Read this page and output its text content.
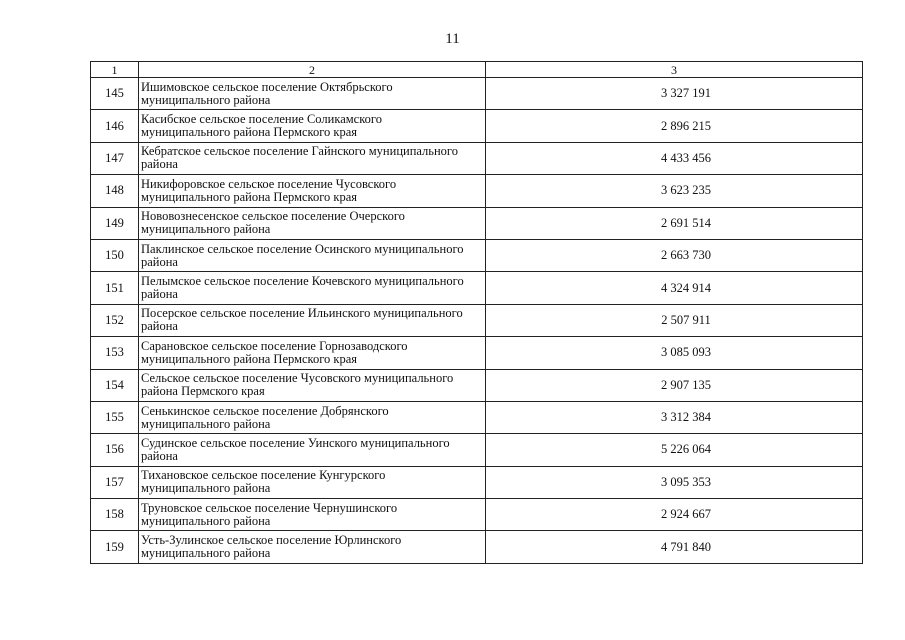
11
1	2	3
145	Ишимовское сельское поселение Октябрьского
муниципального района	3 327 191
146	Касибское сельское поселение Соликамского
муниципального района Пермского края	2 896 215
147	Кебратское сельское поселение Гайнского муниципального
района	4 433 456
148	Никифоровское сельское поселение Чусовского
муниципального района Пермского края	3 623 235
149	Нововознесенское сельское поселение Очерского
муниципального района	2 691 514
150	Паклинское сельское поселение Осинского муниципального
района	2 663 730
151	Пелымское сельское поселение Кочевского муниципального
района	4 324 914
152	Посерское сельское поселение Ильинского муниципального
района	2 507 911
153	Сарановское сельское поселение Горнозаводского
муниципального района Пермского края	3 085 093
154	Сельское сельское поселение Чусовского муниципального
района Пермского края	2 907 135
155	Сенькинское сельское поселение Добрянского
муниципального района	3 312 384
156	Судинское сельское поселение Уинского муниципального
района	5 226 064
157	Тихановское сельское поселение Кунгурского
муниципального района	3 095 353
158	Труновское сельское поселение Чернушинского
муниципального района	2 924 667
159	Усть-Зулинское сельское поселение Юрлинского
муниципального района	4 791 840
